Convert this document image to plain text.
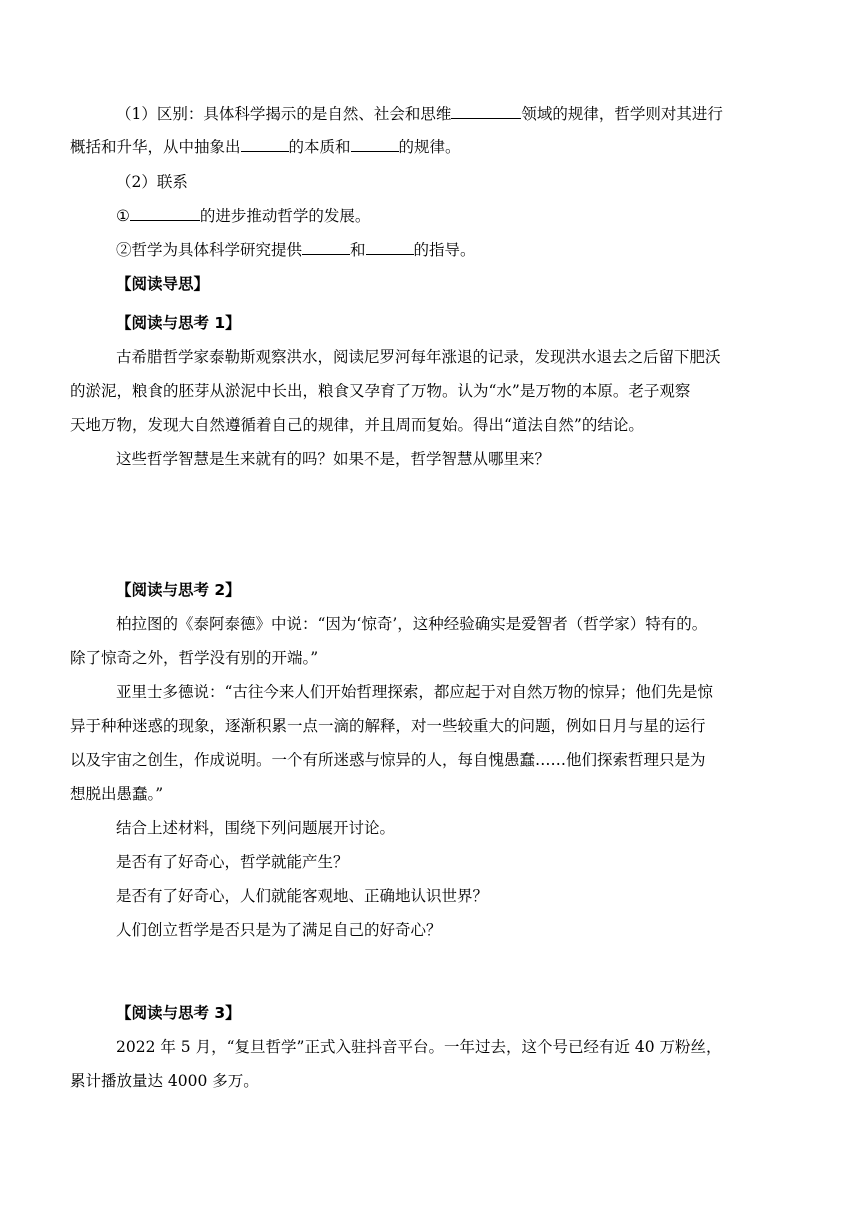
（1）区别：具体科学揭示的是自然、社会和思维	领域的规律，哲学则对其进行

概括和升华，从中抽象出	的本质和	的规律。

（2）联系

①	的进步推动哲学的发展。

②哲学为具体科学研究提供	和	的指导。

【阅读导思】

【阅读与思考 1】

古希腊哲学家泰勒斯观察洪水，阅读尼罗河每年涨退的记录，发现洪水退去之后留下肥沃

的淤泥，粮食的胚芽从淤泥中长出，粮食又孕育了万物。认为“水”是万物的本原。老子观察

天地万物，发现大自然遵循着自己的规律，并且周而复始。得出“道法自然”的结论。

这些哲学智慧是生来就有的吗？如果不是，哲学智慧从哪里来？

【阅读与思考 2】

柏拉图的《泰阿泰德》中说：“因为‘惊奇’，这种经验确实是爱智者（哲学家）特有的。

除了惊奇之外，哲学没有别的开端。”

亚里士多德说：“古往今来人们开始哲理探索，都应起于对自然万物的惊异；他们先是惊

异于种种迷惑的现象，逐渐积累一点一滴的解释，对一些较重大的问题，例如日月与星的运行

以及宇宙之创生，作成说明。一个有所迷惑与惊异的人，每自愧愚蠢……他们探索哲理只是为

想脱出愚蠢。”

结合上述材料，围绕下列问题展开讨论。

是否有了好奇心，哲学就能产生？

是否有了好奇心，人们就能客观地、正确地认识世界？

人们创立哲学是否只是为了满足自己的好奇心？

【阅读与思考 3】

2022 年 5 月，“复旦哲学”正式入驻抖音平台。一年过去，这个号已经有近 40 万粉丝，

累计播放量达 4000 多万。
